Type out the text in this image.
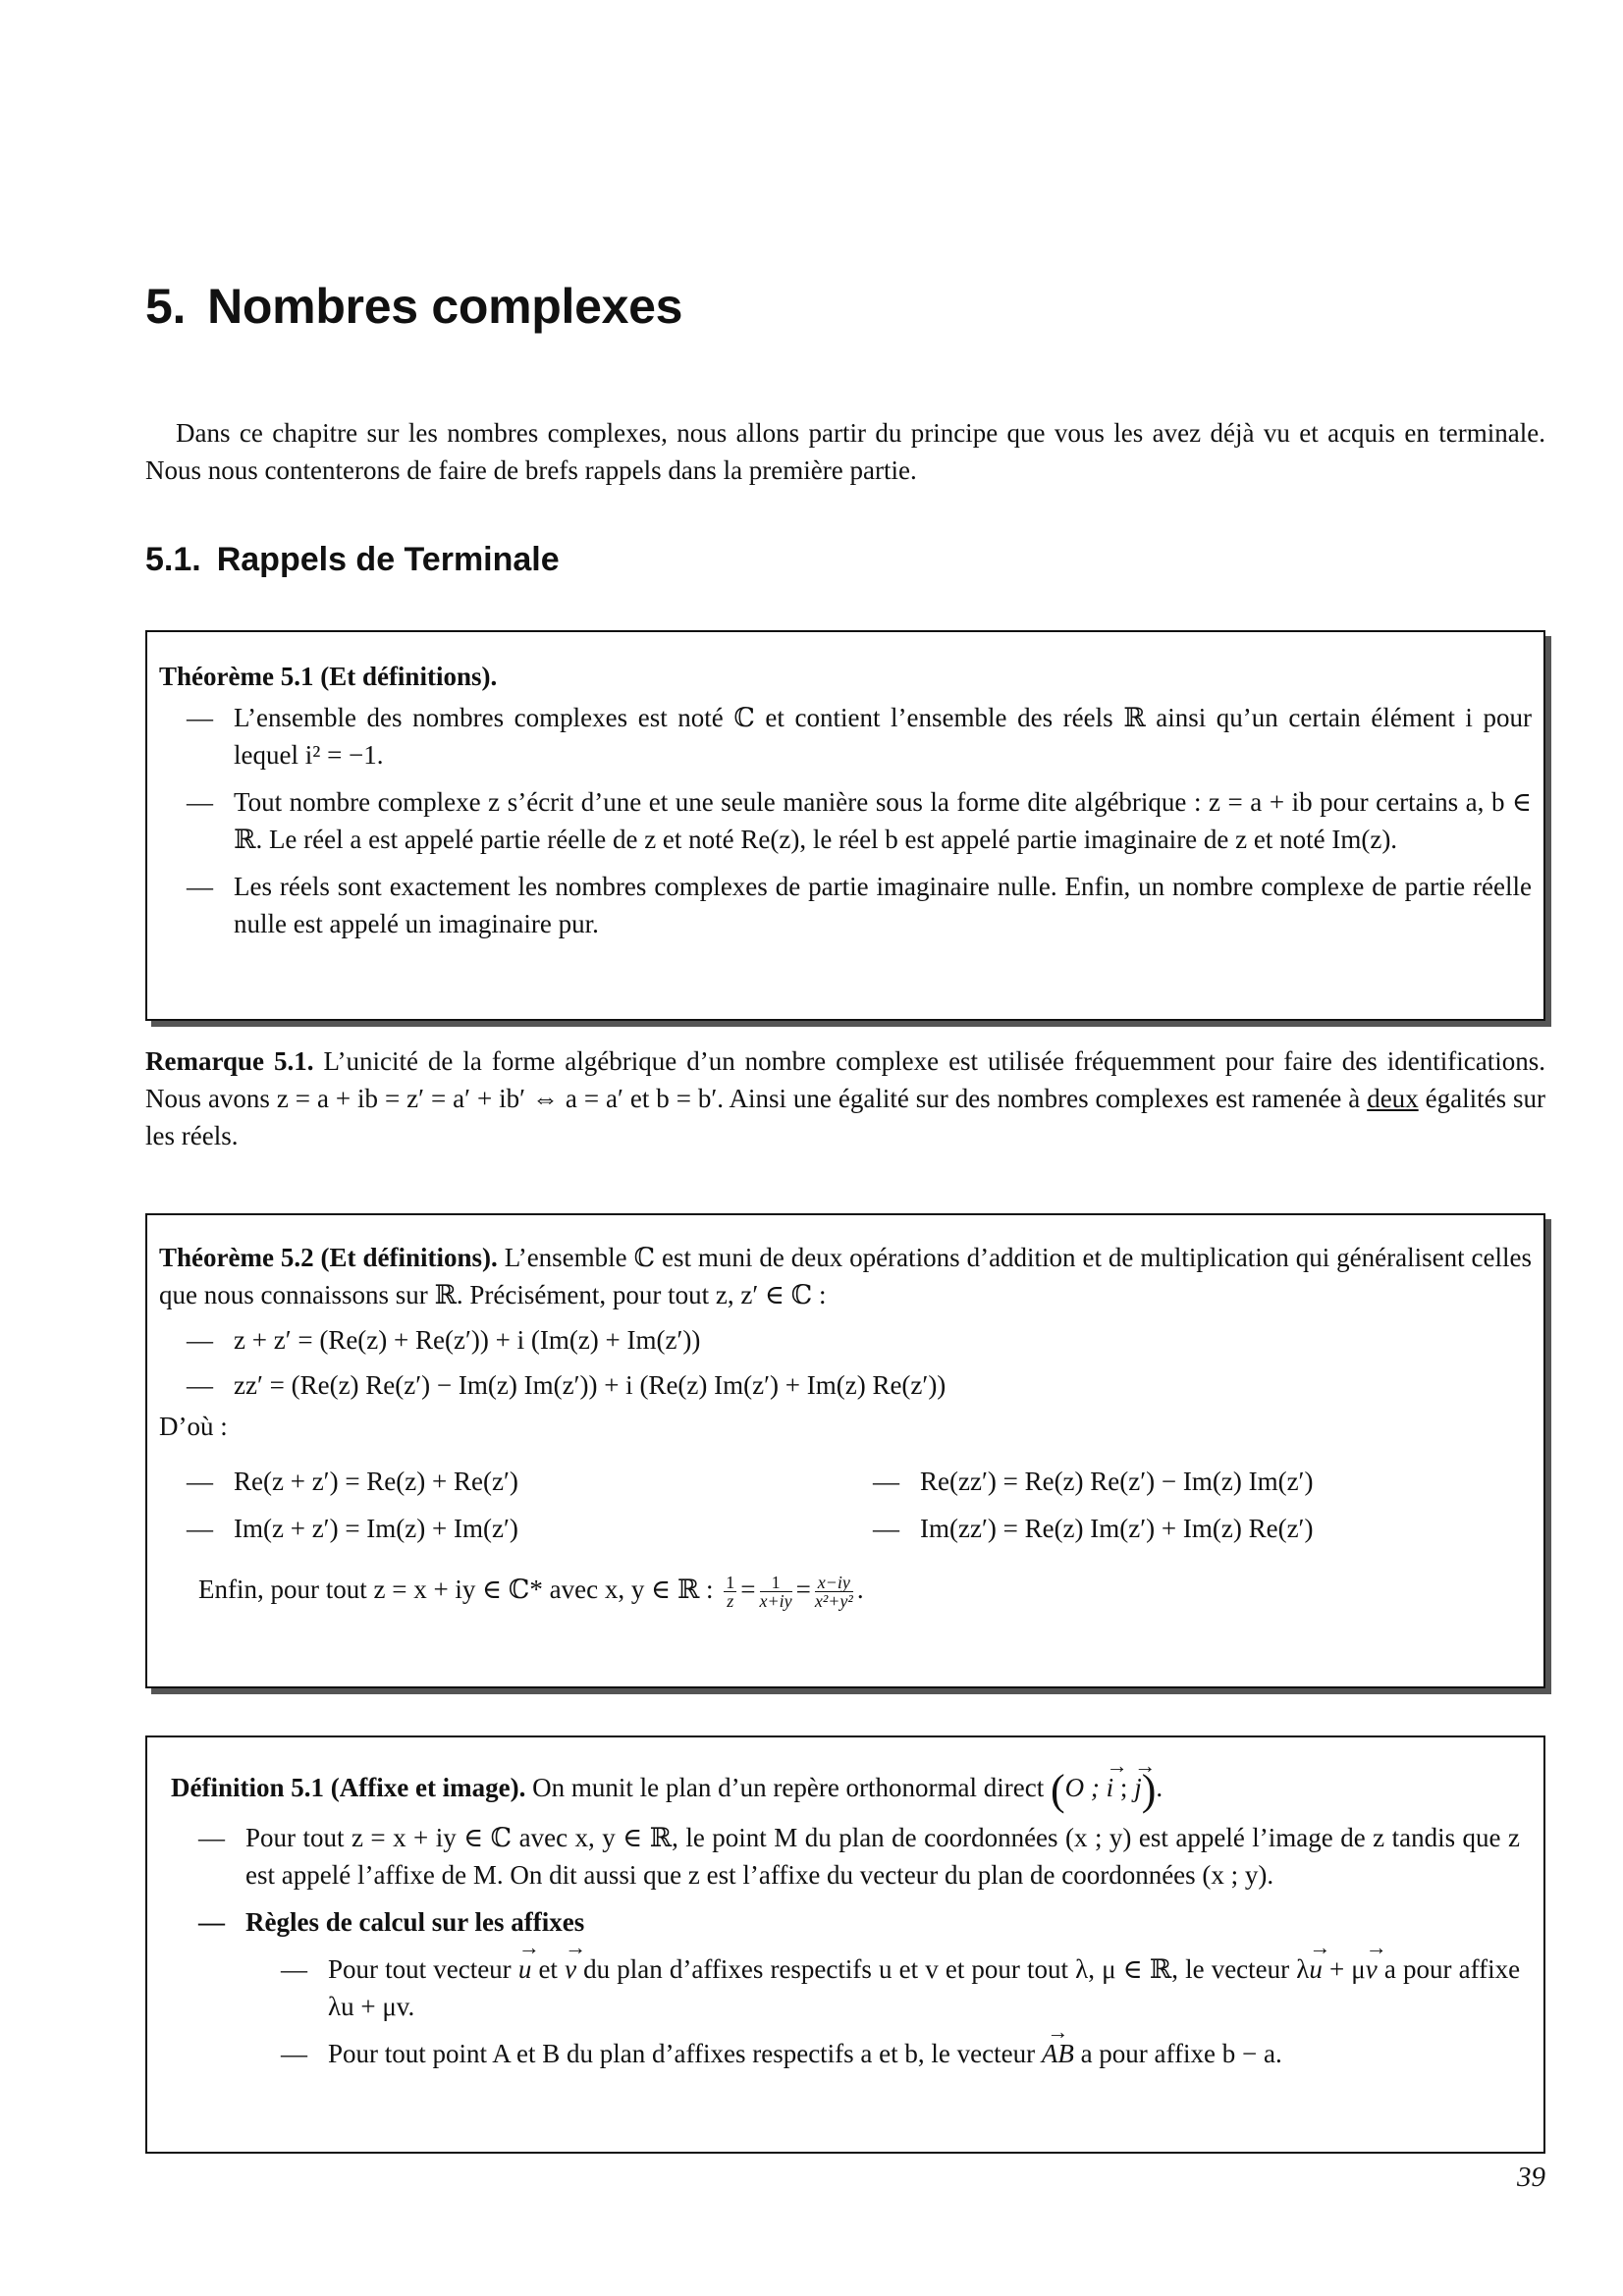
5. Nombres complexes

Dans ce chapitre sur les nombres complexes, nous allons partir du principe que vous les avez déjà vu et acquis en terminale. Nous nous contenterons de faire de brefs rappels dans la première partie.

5.1. Rappels de Terminale
Théorème 5.1 (Et définitions).
— L’ensemble des nombres complexes est noté ℂ et contient l’ensemble des réels ℝ ainsi qu’un certain élément i pour lequel i² = −1.
— Tout nombre complexe z s’écrit d’une et une seule manière sous la forme dite algébrique : z = a + ib pour certains a, b ∈ ℝ. Le réel a est appelé partie réelle de z et noté Re(z), le réel b est appelé partie imaginaire de z et noté Im(z).
— Les réels sont exactement les nombres complexes de partie imaginaire nulle. Enfin, un nombre complexe de partie réelle nulle est appelé un imaginaire pur.

Remarque 5.1. L’unicité de la forme algébrique d’un nombre complexe est utilisée fréquemment pour faire des identifications. Nous avons z = a + ib = z′ = a′ + ib′ ⇔ a = a′ et b = b′. Ainsi une égalité sur des nombres complexes est ramenée à deux égalités sur les réels.

Théorème 5.2 (Et définitions). L’ensemble ℂ est muni de deux opérations d’addition et de multiplication qui généralisent celles que nous connaissons sur ℝ. Précisément, pour tout z, z′ ∈ ℂ :
— z + z′ = (Re(z) + Re(z′)) + i (Im(z) + Im(z′))
— zz′ = (Re(z) Re(z′) − Im(z) Im(z′)) + i (Re(z) Im(z′) + Im(z) Re(z′))
D’où :
— Re(z + z′) = Re(z) + Re(z′)
— Im(z + z′) = Im(z) + Im(z′)
— Re(zz′) = Re(z) Re(z′) − Im(z) Im(z′)
— Im(zz′) = Re(z) Im(z′) + Im(z) Re(z′)
Enfin, pour tout z = x + iy ∈ ℂ* avec x, y ∈ ℝ : $\frac{1}{z} = \frac{1}{x+iy} = \frac{x-iy}{\text{x²+y²}}$ .
Définition 5.1 (Affixe et image). On munit le plan d’un repère orthonormal direct (O ; → i ; → j).
— Pour tout z = x + iy ∈ ℂ avec x, y ∈ ℝ, le point M du plan de coordonnées (x ; y) est appelé l’image de z tandis que z est appelé l’affixe de M. On dit aussi que z est l’affixe du vecteur du plan de coordonnées (x ; y).
— Règles de calcul sur les affixes
— Pour tout vecteur → u et → v du plan d’affixes respectifs u et v et pour tout λ, μ ∈ ℝ, le vecteur λ→ u + μ→ v a pour affixe λu + μv.
— Pour tout point A et B du plan d’affixes respectifs a et b, le vecteur → AB a pour affixe b − a.
39
